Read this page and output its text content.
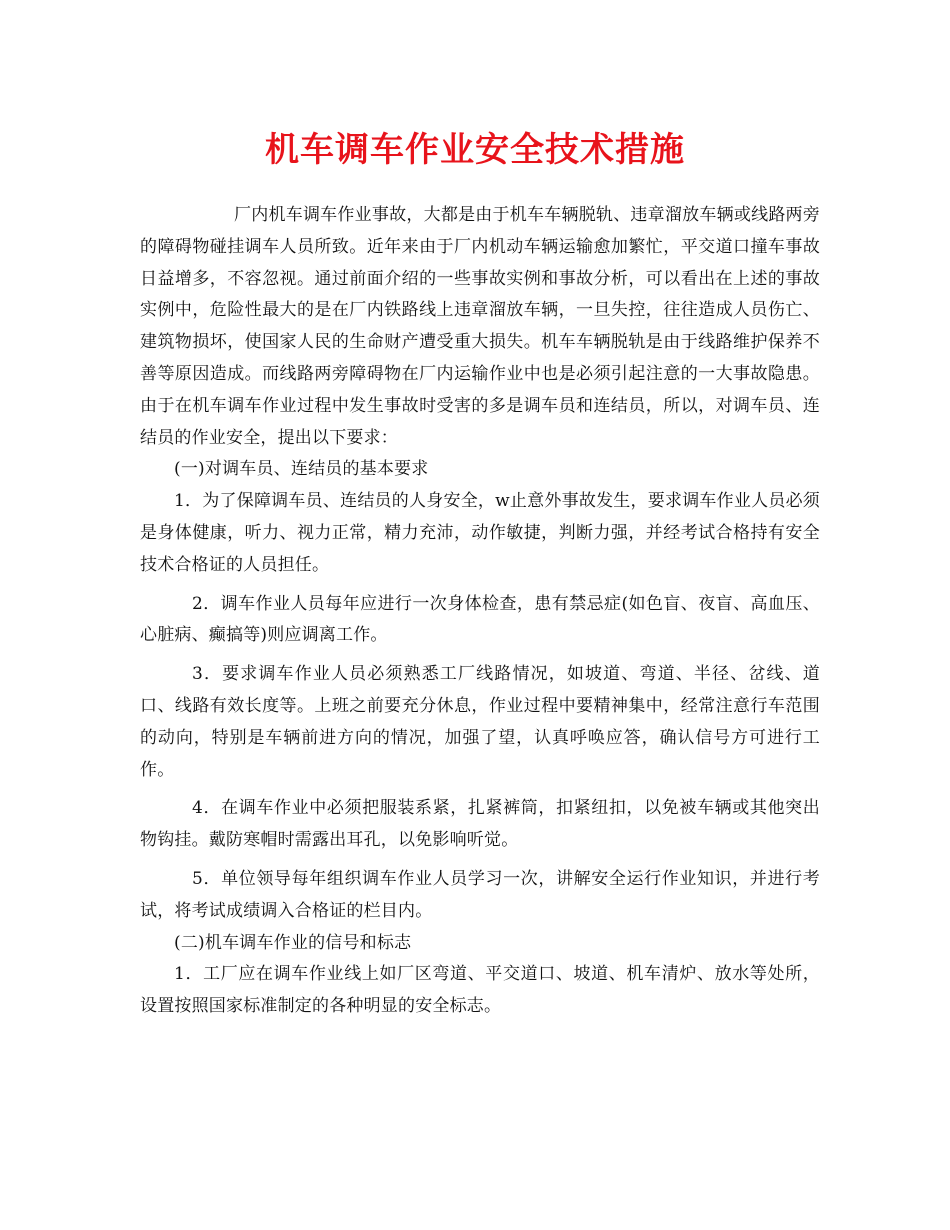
机车调车作业安全技术措施

厂内机车调车作业事故，大都是由于机车车辆脱轨、违章溜放车辆或线路两旁的障碍物碰挂调车人员所致。近年来由于厂内机动车辆运输愈加繁忙，平交道口撞车事故日益增多，不容忽视。通过前面介绍的一些事故实例和事故分析，可以看出在上述的事故实例中，危险性最大的是在厂内铁路线上违章溜放车辆，一旦失控，往往造成人员伤亡、建筑物损坏，使国家人民的生命财产遭受重大损失。机车车辆脱轨是由于线路维护保养不善等原因造成。而线路两旁障碍物在厂内运输作业中也是必须引起注意的一大事故隐患。由于在机车调车作业过程中发生事故时受害的多是调车员和连结员，所以，对调车员、连结员的作业安全，提出以下要求：

(一)对调车员、连结员的基本要求

1．为了保障调车员、连结员的人身安全，w止意外事故发生，要求调车作业人员必须是身体健康，听力、视力正常，精力充沛，动作敏捷，判断力强，并经考试合格持有安全技术合格证的人员担任。

2．调车作业人员每年应进行一次身体检查，患有禁忌症(如色盲、夜盲、高血压、心脏病、癫搞等)则应调离工作。

3．要求调车作业人员必须熟悉工厂线路情况，如坡道、弯道、半径、岔线、道口、线路有效长度等。上班之前要充分休息，作业过程中要精神集中，经常注意行车范围的动向，特别是车辆前进方向的情况，加强了望，认真呼唤应答，确认信号方可进行工作。

4．在调车作业中必须把服装系紧，扎紧裤筒，扣紧纽扣，以免被车辆或其他突出物钩挂。戴防寒帽时需露出耳孔，以免影响听觉。

5．单位领导每年组织调车作业人员学习一次，讲解安全运行作业知识，并进行考试，将考试成绩调入合格证的栏目内。

(二)机车调车作业的信号和标志

1．工厂应在调车作业线上如厂区弯道、平交道口、坡道、机车清炉、放水等处所，设置按照国家标准制定的各种明显的安全标志。
